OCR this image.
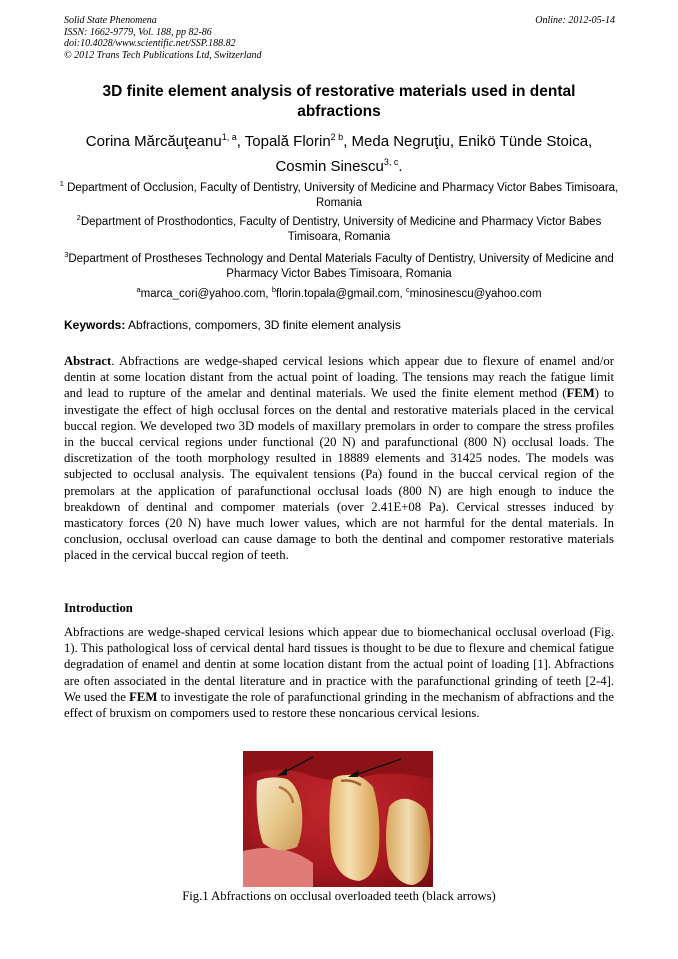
Solid State Phenomena
ISSN: 1662-9779, Vol. 188, pp 82-86
doi:10.4028/www.scientific.net/SSP.188.82
© 2012 Trans Tech Publications Ltd, Switzerland
Online: 2012-05-14
3D finite element analysis of restorative materials used in dental abfractions
Corina Mărcăuţeanu$^{1, a}$, Topală Florin$^{2 b}$, Meda Negruţiu, Enikö Tünde Stoica,
Cosmin Sinescu$^{3, c}$.
$^1$ Department of Occlusion, Faculty of Dentistry, University of Medicine and Pharmacy Victor Babes Timisoara, Romania
$^2$Department of Prosthodontics, Faculty of Dentistry, University of Medicine and Pharmacy Victor Babes Timisoara, Romania
$^3$Department of Prostheses Technology and Dental Materials Faculty of Dentistry, University of Medicine and Pharmacy Victor Babes Timisoara, Romania
$^a$marca_cori@yahoo.com, $^b$florin.topala@gmail.com, $^c$minosinescu@yahoo.com
Keywords: Abfractions, compomers, 3D finite element analysis
Abstract. Abfractions are wedge-shaped cervical lesions which appear due to flexure of enamel and/or dentin at some location distant from the actual point of loading. The tensions may reach the fatigue limit and lead to rupture of the amelar and dentinal materials. We used the finite element method (FEM) to investigate the effect of high occlusal forces on the dental and restorative materials placed in the cervical buccal region. We developed two 3D models of maxillary premolars in order to compare the stress profiles in the buccal cervical regions under functional (20 N) and parafunctional (800 N) occlusal loads. The discretization of the tooth morphology resulted in 18889 elements and 31425 nodes. The models was subjected to occlusal analysis. The equivalent tensions (Pa) found in the buccal cervical region of the premolars at the application of parafunctional occlusal loads (800 N) are high enough to induce the breakdown of dentinal and compomer materials (over 2.41E+08 Pa). Cervical stresses induced by masticatory forces (20 N) have much lower values, which are not harmful for the dental materials. In conclusion, occlusal overload can cause damage to both the dentinal and compomer restorative materials placed in the cervical buccal region of teeth.
Introduction
Abfractions are wedge-shaped cervical lesions which appear due to biomechanical occlusal overload (Fig. 1). This pathological loss of cervical dental hard tissues is thought to be due to flexure and chemical fatigue degradation of enamel and dentin at some location distant from the actual point of loading [1]. Abfractions are often associated in the dental literature and in practice with the parafunctional grinding of teeth [2-4]. We used the FEM to investigate the role of parafunctional grinding in the mechanism of abfractions and the effect of bruxism on compomers used to restore these noncarious cervical lesions.
Fig.1 Abfractions on occlusal overloaded teeth (black arrows)
